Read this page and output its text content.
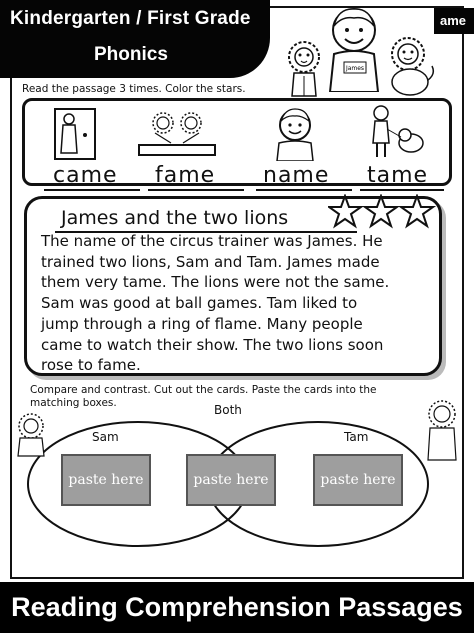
Kindergarten / First Grade
Phonics
ame
James
Read the passage 3 times. Color the stars.
came fame name tame
James and the two lions
The name of the circus trainer was James. He
trained two lions, Sam and Tam. James made
them very tame. The lions were not the same.
Sam was good at ball games. Tam liked to
jump through a ring of flame. Many people
came to watch their show. The two lions soon
rose to fame.
Compare and contrast. Cut out the cards. Paste the cards into the matching boxes.
Sam
Both
Tam
paste here	paste here	paste here
Reading Comprehension Passages
